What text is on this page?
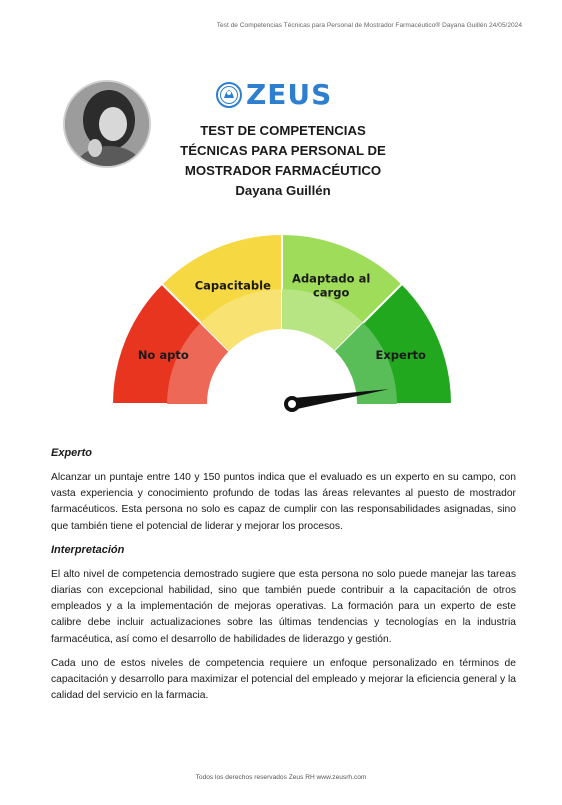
Test de Competencias Técnicas para Personal de Mostrador Farmacéutico® Dayana Guillén 24/05/2024
ZEUS
TEST DE COMPETENCIAS
TÉCNICAS PARA PERSONAL DE
MOSTRADOR FARMACÉUTICO
Dayana Guillén
No apto
Capacitable Adaptado al cargo
Experto
Experto

Alcanzar un puntaje entre 140 y 150 puntos indica que el evaluado es un experto en su campo, con vasta experiencia y conocimiento profundo de todas las áreas relevantes al puesto de mostrador farmacéuticos. Esta persona no solo es capaz de cumplir con las responsabilidades asignadas, sino que también tiene el potencial de liderar y mejorar los procesos.

Interpretación

El alto nivel de competencia demostrado sugiere que esta persona no solo puede manejar las tareas diarias con excepcional habilidad, sino que también puede contribuir a la capacitación de otros empleados y a la implementación de mejoras operativas. La formación para un experto de este calibre debe incluir actualizaciones sobre las últimas tendencias y tecnologías en la industria farmacéutica, así como el desarrollo de habilidades de liderazgo y gestión.

Cada uno de estos niveles de competencia requiere un enfoque personalizado en términos de capacitación y desarrollo para maximizar el potencial del empleado y mejorar la eficiencia general y la calidad del servicio en la farmacia.

Todos los derechos reservados Zeus RH www.zeusrh.com
